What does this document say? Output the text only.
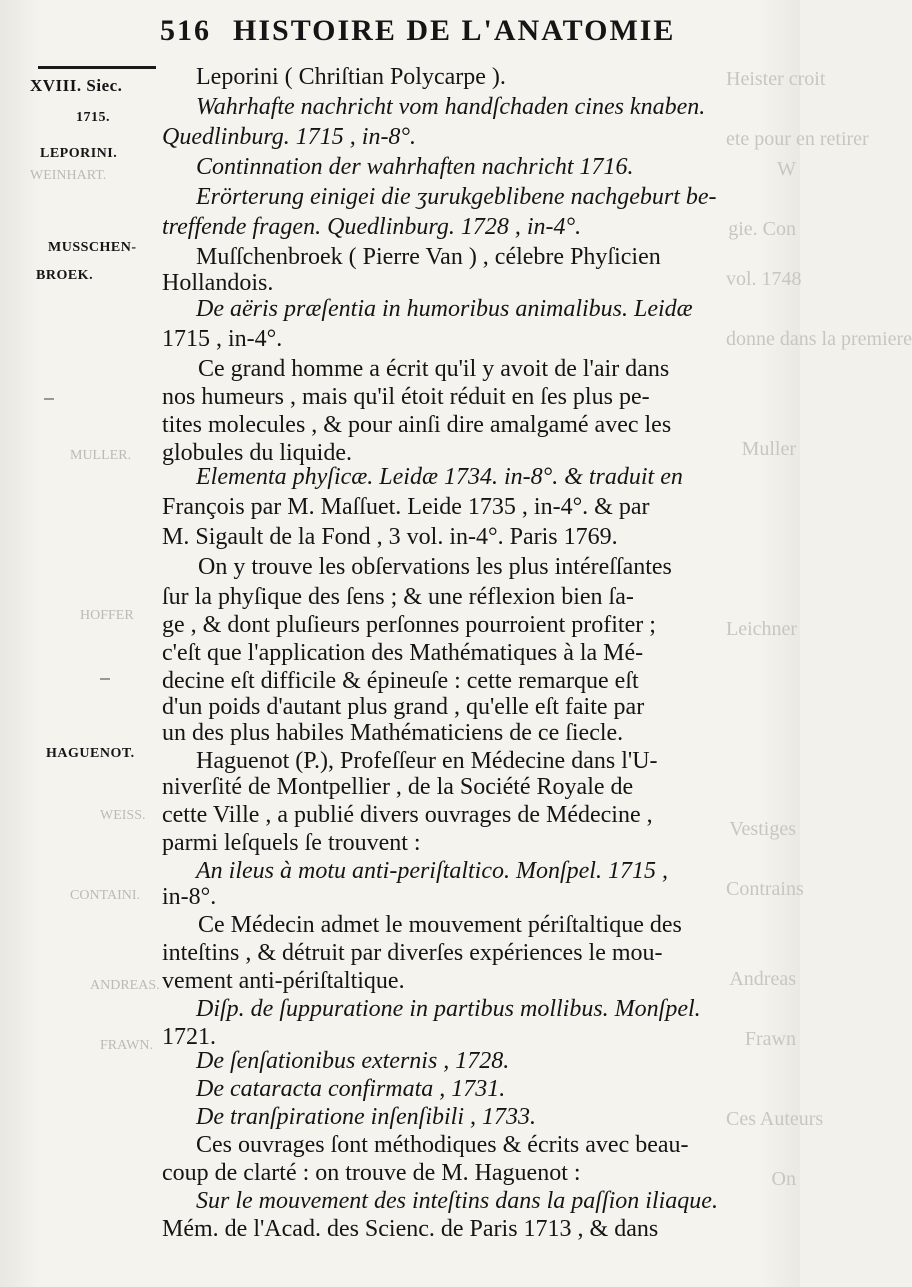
516 HISTOIRE DE L'ANATOMIE
Heister croit
ete pour en retirer
W
gie. Con
vol. 1748
donne dans la premiere
Muller
Leichner
Vestiges
Contrains
Andreas
Frawn
Ces Auteurs
On
WEINHART.
MULLER.
HOFFER
WEISS.
CONTAINI.
ANDREAS.
FRAWN.
XVIII. Siec.
1715.
LEPORINI.
MUSSCHEN-
BROEK.
HAGUENOT.
Leporini ( Chriſtian Polycarpe ).
Wahrhafte nachricht vom handſchaden cines knaben.
Quedlinburg. 1715 , in-8°.
Continnation der wahrhaften nachricht 1716.
Erörterung einigei die ʒurukgeblibene nachgeburt be-
treffende fragen. Quedlinburg. 1728 , in-4°.
Muſſchenbroek ( Pierre Van ) , célebre Phyſicien
Hollandois.
De aëris præſentia in humoribus animalibus. Leidæ
1715 , in-4°.
Ce grand homme a écrit qu'il y avoit de l'air dans
nos humeurs , mais qu'il étoit réduit en ſes plus pe-
tites molecules , & pour ainſi dire amalgamé avec les
globules du liquide.
Elementa phyſicæ. Leidæ 1734. in-8°. & traduit en
François par M. Maſſuet. Leide 1735 , in-4°. & par
M. Sigault de la Fond , 3 vol. in-4°. Paris 1769.
On y trouve les obſervations les plus intéreſſantes
ſur la phyſique des ſens ; & une réflexion bien ſa-
ge , & dont pluſieurs perſonnes pourroient profiter ;
c'eſt que l'application des Mathématiques à la Mé-
decine eſt difficile & épineuſe : cette remarque eſt
d'un poids d'autant plus grand , qu'elle eſt faite par
un des plus habiles Mathématiciens de ce ſiecle.
Haguenot (P.), Profeſſeur en Médecine dans l'U-
niverſité de Montpellier , de la Société Royale de
cette Ville , a publié divers ouvrages de Médecine ,
parmi leſquels ſe trouvent :
An ileus à motu anti-periſtaltico. Monſpel. 1715 ,
in-8°.
Ce Médecin admet le mouvement périſtaltique des
inteſtins , & détruit par diverſes expériences le mou-
vement anti-périſtaltique.
Diſp. de ſuppuratione in partibus mollibus. Monſpel.
1721.
De ſenſationibus externis , 1728.
De cataracta confirmata , 1731.
De tranſpiratione inſenſibili , 1733.
Ces ouvrages ſont méthodiques & écrits avec beau-
coup de clarté : on trouve de M. Haguenot :
Sur le mouvement des inteſtins dans la paſſion iliaque.
Mém. de l'Acad. des Scienc. de Paris 1713 , & dans
